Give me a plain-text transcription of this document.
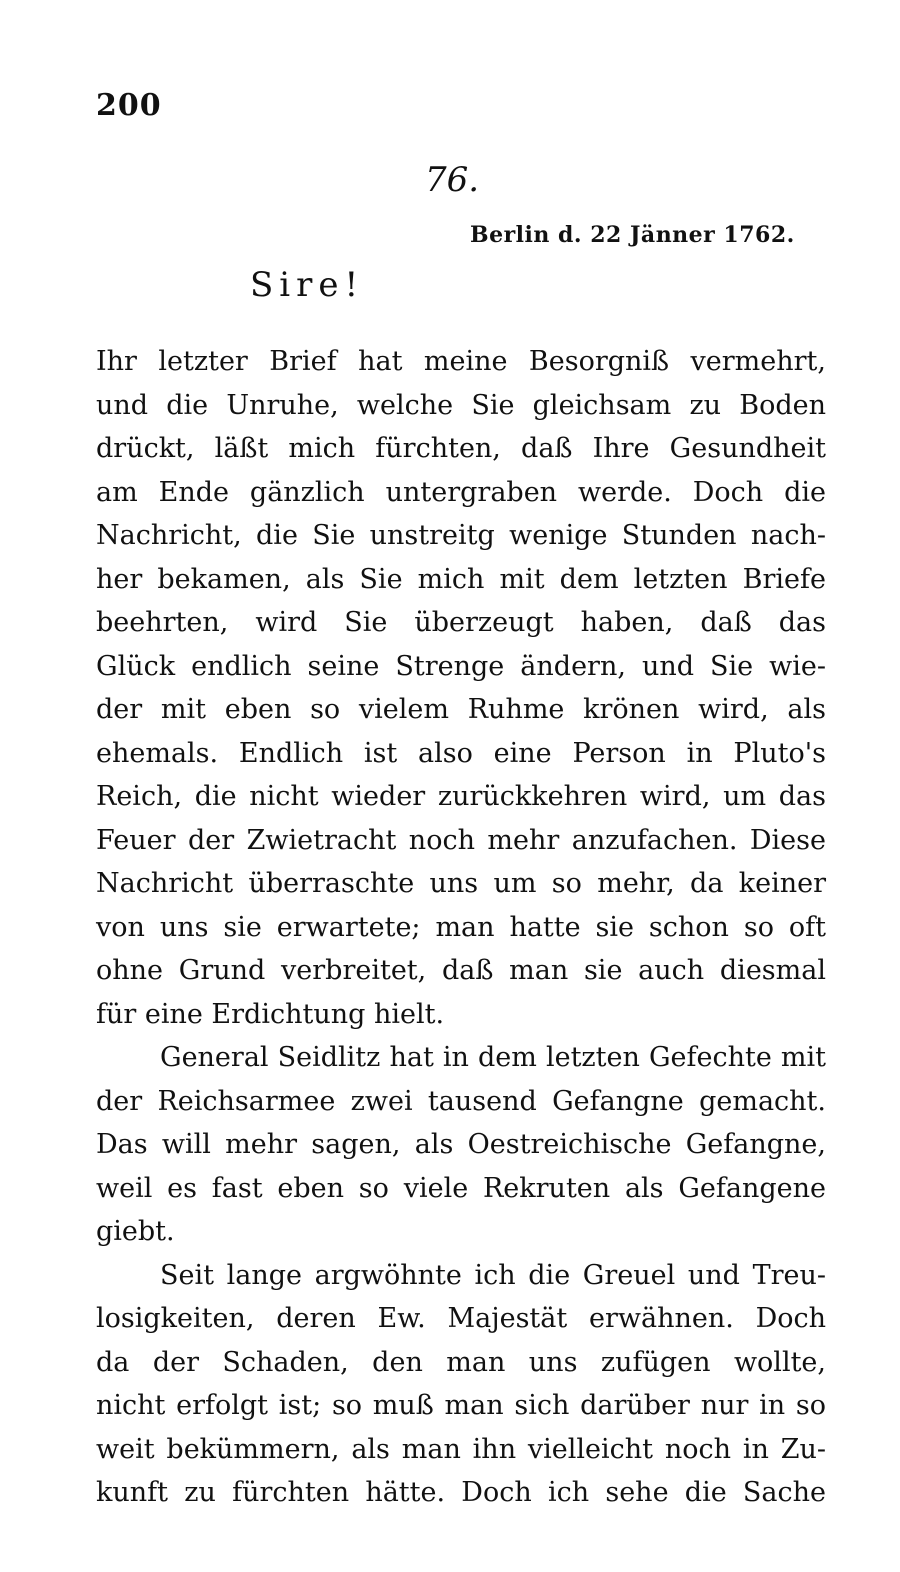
200
76.
Berlin d. 22 Jänner 1762.
Sire!
Ihr letzter Brief hat meine Besorgniß vermehrt,
und die Unruhe, welche Sie gleichsam zu Boden
drückt, läßt mich fürchten, daß Ihre Gesundheit
am Ende gänzlich untergraben werde. Doch die
Nachricht, die Sie unstreitg wenige Stunden nach-
her bekamen, als Sie mich mit dem letzten Briefe
beehrten, wird Sie überzeugt haben, daß das
Glück endlich seine Strenge ändern, und Sie wie-
der mit eben so vielem Ruhme krönen wird, als
ehemals. Endlich ist also eine Person in Pluto's
Reich, die nicht wieder zurückkehren wird, um das
Feuer der Zwietracht noch mehr anzufachen. Diese
Nachricht überraschte uns um so mehr, da keiner
von uns sie erwartete; man hatte sie schon so oft
ohne Grund verbreitet, daß man sie auch diesmal
für eine Erdichtung hielt.
General Seidlitz hat in dem letzten Gefechte mit
der Reichsarmee zwei tausend Gefangne gemacht.
Das will mehr sagen, als Oestreichische Gefangne,
weil es fast eben so viele Rekruten als Gefangene
giebt.
Seit lange argwöhnte ich die Greuel und Treu-
losigkeiten, deren Ew. Majestät erwähnen. Doch
da der Schaden, den man uns zufügen wollte,
nicht erfolgt ist; so muß man sich darüber nur in so
weit bekümmern, als man ihn vielleicht noch in Zu-
kunft zu fürchten hätte. Doch ich sehe die Sache
